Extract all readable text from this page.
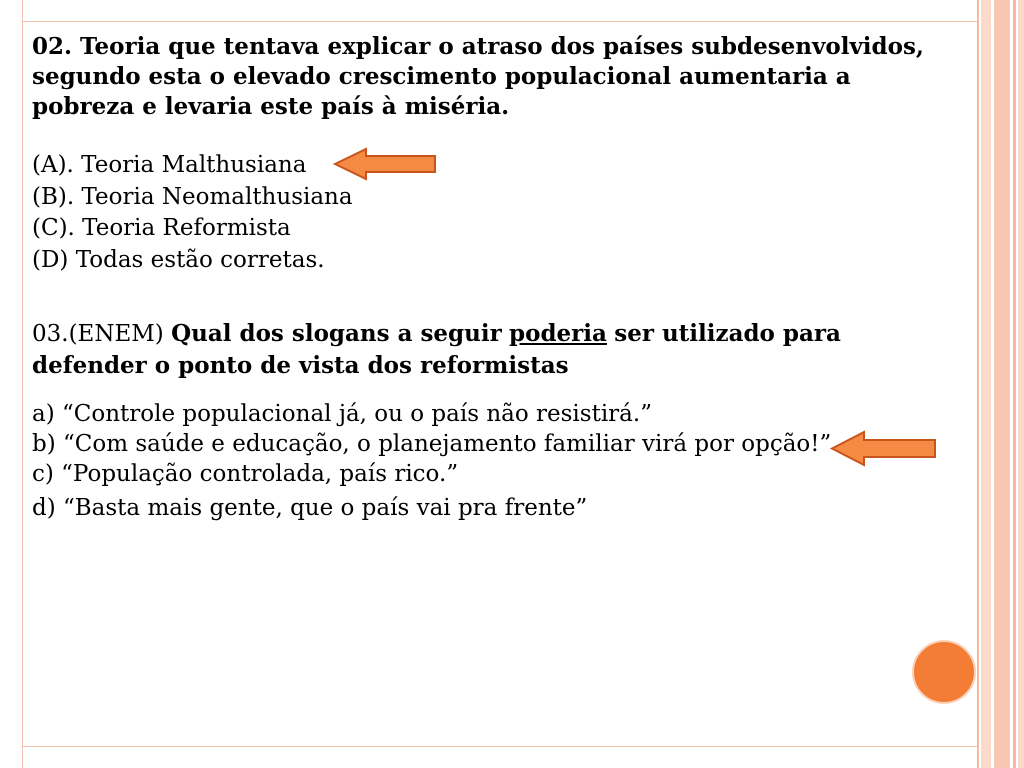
02. Teoria que tentava explicar o atraso dos países subdesenvolvidos,
segundo esta o elevado crescimento populacional aumentaria a
pobreza e levaria este país à miséria.
(A). Teoria Malthusiana
(B). Teoria Neomalthusiana
(C). Teoria Reformista
(D) Todas estão corretas.
03.(ENEM) Qual dos slogans a seguir poderia ser utilizado para
defender o ponto de vista dos reformistas
a) “Controle populacional já, ou o país não resistirá.”
b) “Com saúde e educação, o planejamento familiar virá por opção!”
c) “População controlada, país rico.”
d) “Basta mais gente, que o país vai pra frente”
